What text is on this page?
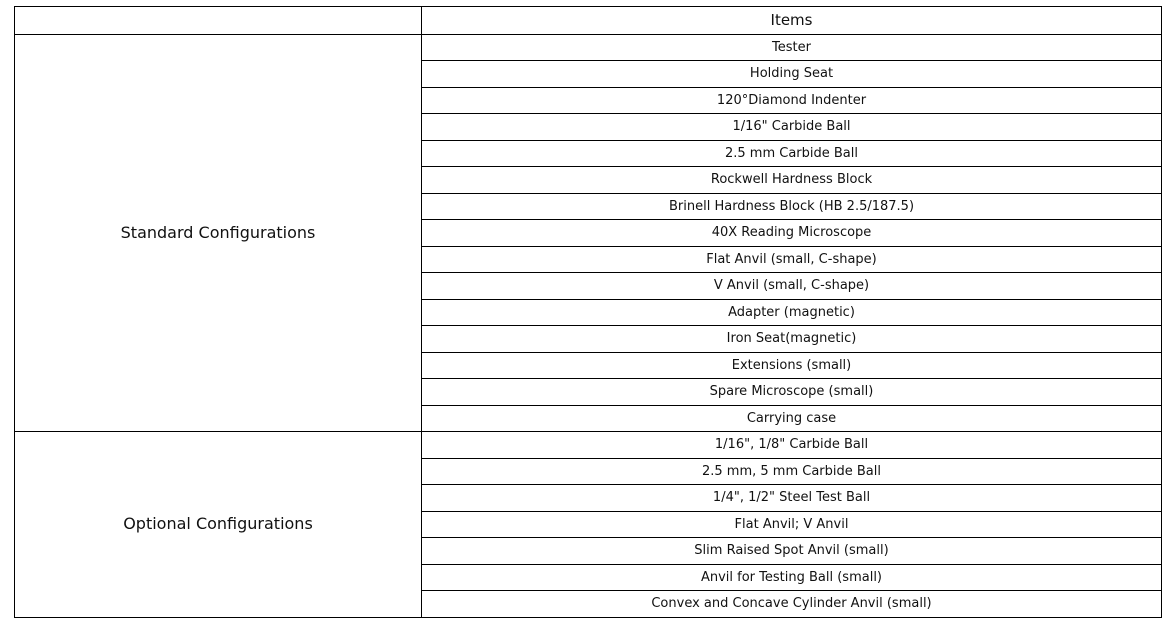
	Items
Standard Configurations	Tester
	Holding Seat
	120°Diamond Indenter
	1/16" Carbide Ball
	2.5 mm Carbide Ball
	Rockwell Hardness Block
	Brinell Hardness Block (HB 2.5/187.5)
	40X Reading Microscope
	Flat Anvil (small, C-shape)
	V Anvil (small, C-shape)
	Adapter (magnetic)
	Iron Seat(magnetic)
	Extensions (small)
	Spare Microscope (small)
	Carrying case
Optional Configurations	1/16", 1/8" Carbide Ball
	2.5 mm, 5 mm Carbide Ball
	1/4", 1/2" Steel Test Ball
	Flat Anvil; V Anvil
	Slim Raised Spot Anvil (small)
	Anvil for Testing Ball (small)
	Convex and Concave Cylinder Anvil (small)
